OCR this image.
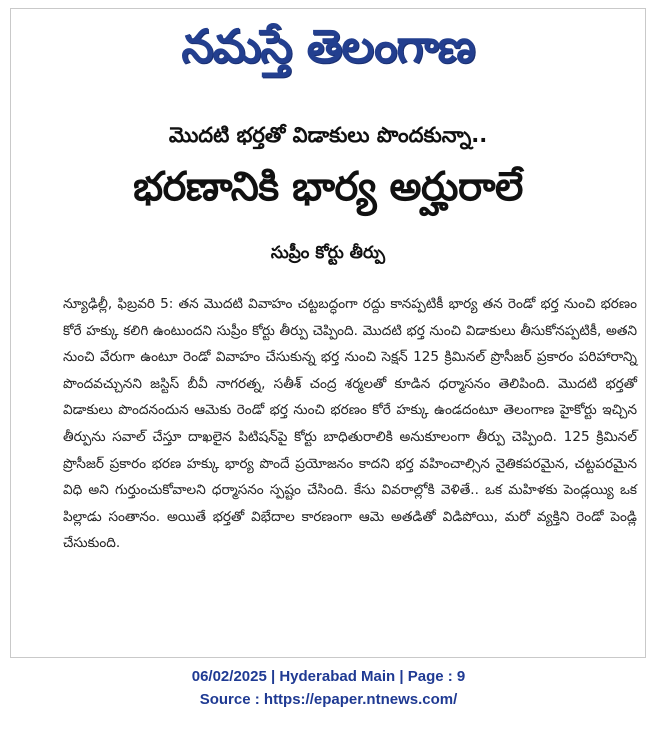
నమస్తే తెలంగాణ
మొదటి భర్తతో విడాకులు పొందకున్నా..
భరణానికి భార్య అర్హురాలే
సుప్రీం కోర్టు తీర్పు
న్యూఢిల్లీ, ఫిబ్రవరి 5: తన మొదటి వివాహం చట్టబద్ధంగా రద్దు కానప్పటికీ భార్య తన రెండో భర్త నుంచి భరణం కోరే హక్కు కలిగి ఉంటుందని సుప్రీం కోర్టు తీర్పు చెప్పింది. మొదటి భర్త నుంచి విడాకులు తీసుకోనప్పటికీ, అతని నుంచి వేరుగా ఉంటూ రెండో వివాహం చేసుకున్న భర్త నుంచి సెక్షన్ 125 క్రిమినల్ ప్రొసీజర్ ప్రకారం పరిహారాన్ని పొందవచ్చునని జస్టిస్ బీవీ నాగరత్న, సతీశ్ చంద్ర శర్మలతో కూడిన ధర్మాసనం తెలిపింది. మొదటి భర్తతో విడాకులు పొందనందున ఆమెకు రెండో భర్త నుంచి భరణం కోరే హక్కు ఉండదంటూ తెలంగాణ హైకోర్టు ఇచ్చిన తీర్పును సవాల్ చేస్తూ దాఖలైన పిటిషన్‌పై కోర్టు బాధితురాలికి అనుకూలంగా తీర్పు చెప్పింది. 125 క్రిమినల్ ప్రొసీజర్ ప్రకారం భరణ హక్కు భార్య పొందే ప్రయోజనం కాదని భర్త వహించాల్సిన నైతికపరమైన, చట్టపరమైన విధి అని గుర్తుంచుకోవాలని ధర్మాసనం స్పష్టం చేసింది. కేసు వివరాల్లోకి వెళితే.. ఒక మహిళకు పెండ్లయ్యి ఒక పిల్లాడు సంతానం. అయితే భర్తతో విభేదాల కారణంగా ఆమె అతడితో విడిపోయి, మరో వ్యక్తిని రెండో పెండ్లి చేసుకుంది.
06/02/2025 | Hyderabad Main | Page : 9
Source : https://epaper.ntnews.com/
